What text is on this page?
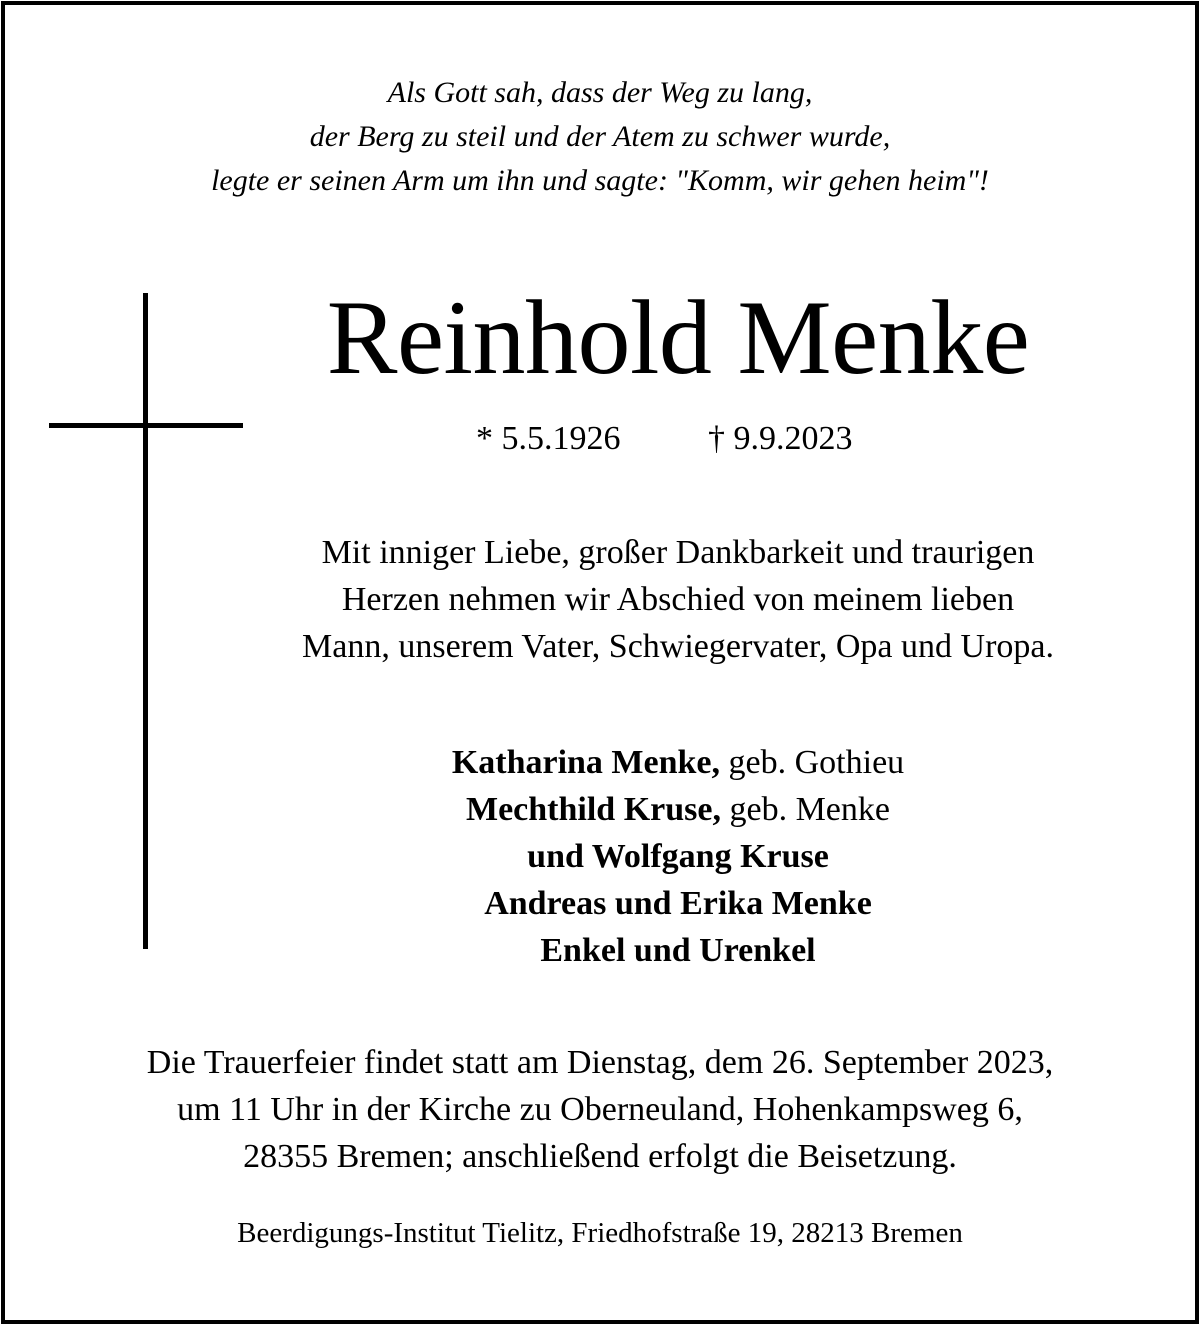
Als Gott sah, dass der Weg zu lang,
der Berg zu steil und der Atem zu schwer wurde,
legte er seinen Arm um ihn und sagte: "Komm, wir gehen heim"!
Reinhold Menke
* 5.5.1926	† 9.9.2023
Mit inniger Liebe, großer Dankbarkeit und traurigen
Herzen nehmen wir Abschied von meinem lieben
Mann, unserem Vater, Schwiegervater, Opa und Uropa.
Katharina Menke, geb. Gothieu
Mechthild Kruse, geb. Menke
und Wolfgang Kruse
Andreas und Erika Menke
Enkel und Urenkel
Die Trauerfeier findet statt am Dienstag, dem 26. September 2023,
um 11 Uhr in der Kirche zu Oberneuland, Hohenkampsweg 6,
28355 Bremen; anschließend erfolgt die Beisetzung.
Beerdigungs-Institut Tielitz, Friedhofstraße 19, 28213 Bremen
